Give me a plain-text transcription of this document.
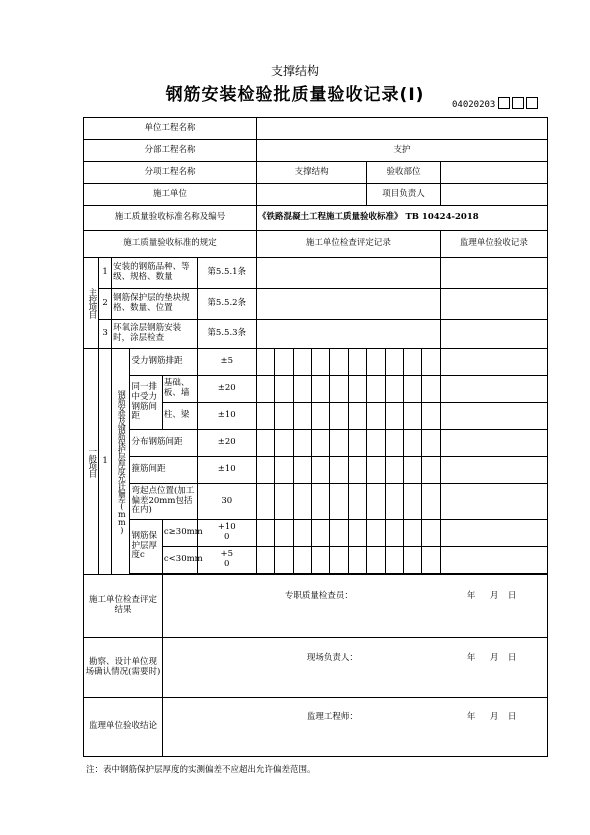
支撑结构
钢筋安装检验批质量验收记录(Ⅰ)	04020203
单位工程名称																
分部工程名称						支护										
分项工程名称						支撑结构						验收部位				
施工单位												项目负责人				
施工质量验收标准名称及编号						《铁路混凝土工程施工质量验收标准》 TB 10424-2018										
施工质量验收标准的规定						施工单位检查评定记录										监理单位验收记录
主控项目	1	安装的钢筋品种、等级、规格、数量			第5.5.1条											
	2	钢筋保护层的垫块规格、数量、位置			第5.5.2条											
	3	环氧涂层钢筋安装时，涂层检查			第5.5.3条											
一般项目	1	钢筋安装及钢筋保护层厚度允许偏差(mm)	受力钢筋排距		±5											
			同一排中受力钢筋间距	基础、板、墙	±20											
				柱、梁	±10											
			分布钢筋间距		±20											
			箍筋间距		±10											
			弯起点位置(加工偏差20mm包括在内)		30											
			钢筋保护层厚度c	c≥30mm	+10
0											
				c<30mm	+5
0											

施工单位检查评定结果				专职质量检查员： 年 月 日												

勘察、设计单位现场确认情况(需要时)				现场负责人： 年 月 日												

监理单位验收结论				监理工程师： 年 月 日												
注：表中钢筋保护层厚度的实测偏差不应超出允许偏差范围。
